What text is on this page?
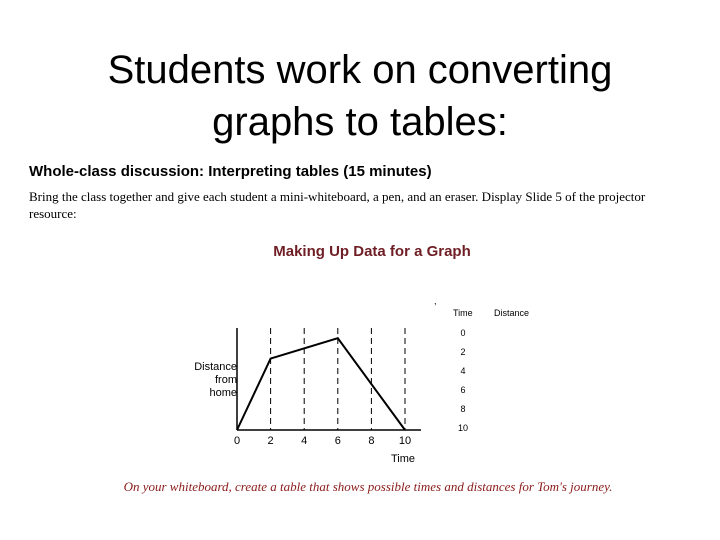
Students work on converting
graphs to tables:
Whole-class discussion: Interpreting tables (15 minutes)
Bring the class together and give each student a mini-whiteboard, a pen, and an eraser. Display Slide 5 of the projector resource:
Making Up Data for a Graph
0 2 4 6 8 10
Time
Distance
from
home
,
Time Distance
0
2
4
6
8
10
On your whiteboard, create a table that shows possible times and distances for Tom's journey.
